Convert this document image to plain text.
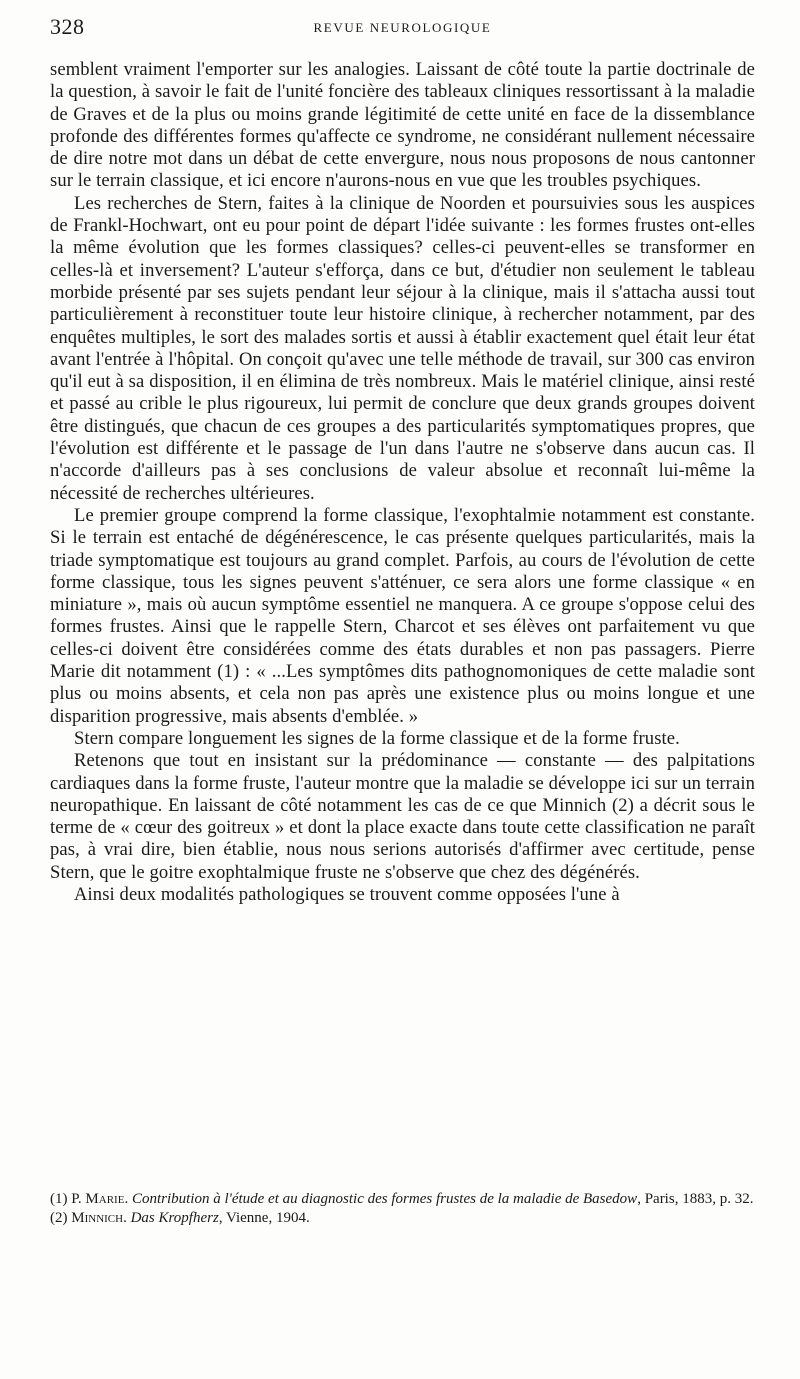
328	REVUE NEUROLOGIQUE

semblent vraiment l'emporter sur les analogies. Laissant de côté toute la partie doctrinale de la question, à savoir le fait de l'unité foncière des tableaux cliniques ressortissant à la maladie de Graves et de la plus ou moins grande légitimité de cette unité en face de la dissemblance profonde des différentes formes qu'affecte ce syndrome, ne considérant nullement nécessaire de dire notre mot dans un débat de cette envergure, nous nous proposons de nous cantonner sur le terrain classique, et ici encore n'aurons-nous en vue que les troubles psychiques.

Les recherches de Stern, faites à la clinique de Noorden et poursuivies sous les auspices de Frankl-Hochwart, ont eu pour point de départ l'idée suivante : les formes frustes ont-elles la même évolution que les formes classiques? celles-ci peuvent-elles se transformer en celles-là et inversement? L'auteur s'efforça, dans ce but, d'étudier non seulement le tableau morbide présenté par ses sujets pendant leur séjour à la clinique, mais il s'attacha aussi tout particulièrement à reconstituer toute leur histoire clinique, à rechercher notamment, par des enquêtes multiples, le sort des malades sortis et aussi à établir exactement quel était leur état avant l'entrée à l'hôpital. On conçoit qu'avec une telle méthode de travail, sur 300 cas environ qu'il eut à sa disposition, il en élimina de très nombreux. Mais le matériel clinique, ainsi resté et passé au crible le plus rigoureux, lui permit de conclure que deux grands groupes doivent être distingués, que chacun de ces groupes a des particularités symptomatiques propres, que l'évolution est différente et le passage de l'un dans l'autre ne s'observe dans aucun cas. Il n'accorde d'ailleurs pas à ses conclusions de valeur absolue et reconnaît lui-même la nécessité de recherches ultérieures.

Le premier groupe comprend la forme classique, l'exophtalmie notamment est constante. Si le terrain est entaché de dégénérescence, le cas présente quelques particularités, mais la triade symptomatique est toujours au grand complet. Parfois, au cours de l'évolution de cette forme classique, tous les signes peuvent s'atténuer, ce sera alors une forme classique « en miniature », mais où aucun symptôme essentiel ne manquera. A ce groupe s'oppose celui des formes frustes. Ainsi que le rappelle Stern, Charcot et ses élèves ont parfaitement vu que celles-ci doivent être considérées comme des états durables et non pas passagers. Pierre Marie dit notamment (1) : « ...Les symptômes dits pathognomoniques de cette maladie sont plus ou moins absents, et cela non pas après une existence plus ou moins longue et une disparition progressive, mais absents d'emblée. »

Stern compare longuement les signes de la forme classique et de la forme fruste.

Retenons que tout en insistant sur la prédominance — constante — des palpitations cardiaques dans la forme fruste, l'auteur montre que la maladie se développe ici sur un terrain neuropathique. En laissant de côté notamment les cas de ce que Minnich (2) a décrit sous le terme de « cœur des goitreux » et dont la place exacte dans toute cette classification ne paraît pas, à vrai dire, bien établie, nous nous serions autorisés d'affirmer avec certitude, pense Stern, que le goitre exophtalmique fruste ne s'observe que chez des dégénérés.

Ainsi deux modalités pathologiques se trouvent comme opposées l'une à

(1) P. Marie. Contribution à l'étude et au diagnostic des formes frustes de la maladie de Basedow, Paris, 1883, p. 32.

(2) Minnich. Das Kropfherz, Vienne, 1904.
